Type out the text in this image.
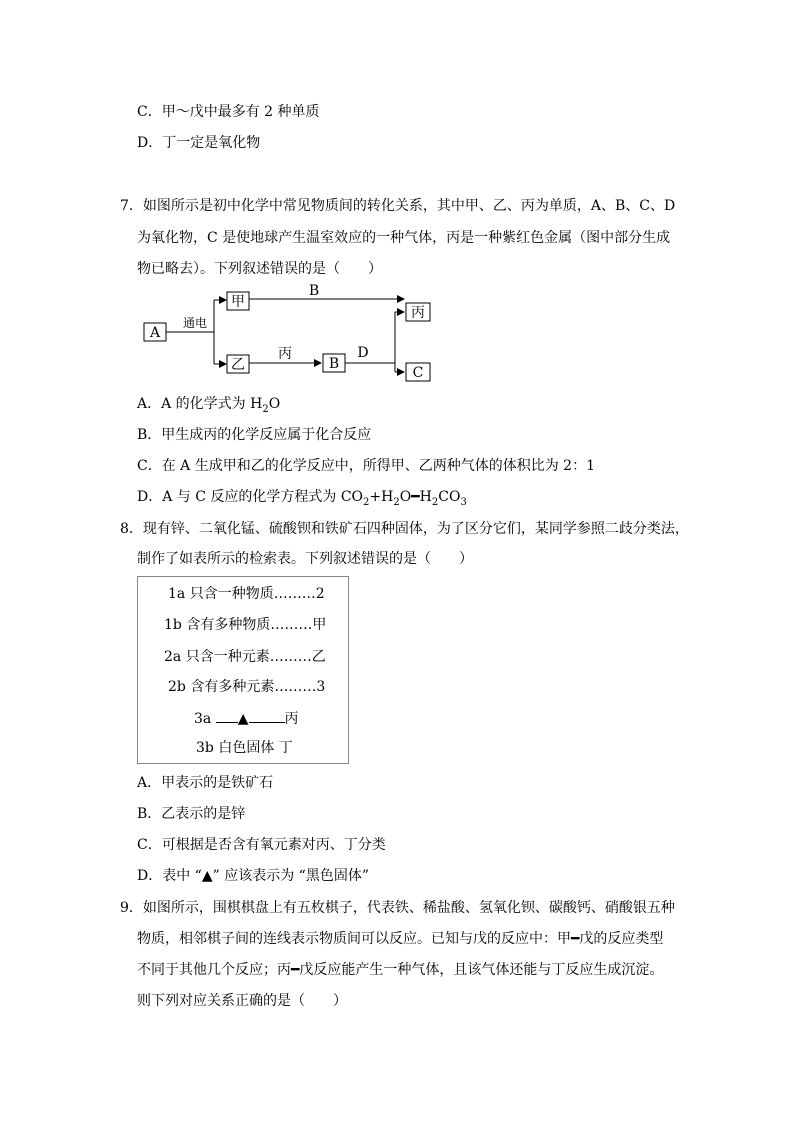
C．甲～戊中最多有 2 种单质
D．丁一定是氧化物
7．如图所示是初中化学中常见物质间的转化关系，其中甲、乙、丙为单质，A、B、C、D
为氧化物，C 是使地球产生温室效应的一种气体，丙是一种紫红色金属（图中部分生成
物已略去）。下列叙述错误的是（　　）
A
甲
乙	B
丙
C
通电
B
丙	D
A．A 的化学式为 $H_2O$
B．甲生成丙的化学反应属于化合反应
C．在 A 生成甲和乙的化学反应中，所得甲、乙两种气体的体积比为 2：1
D．A 与 C 反应的化学方程式为 $CO_2+H_2O━H_2CO_3$
8．现有锌、二氧化锰、硫酸钡和铁矿石四种固体，为了区分它们，某同学参照二歧分类法，
制作了如表所示的检索表。下列叙述错误的是（　　）
1a 只含一种物质………2
1b 含有多种物质………甲
2a 只含一种元素………乙
2b 含有多种元素………3
3a ▲	丙
3b 白色固体 丁
A．甲表示的是铁矿石
B．乙表示的是锌
C．可根据是否含有氧元素对丙、丁分类
D．表中 “▲” 应该表示为 “黑色固体”
9．如图所示，围棋棋盘上有五枚棋子，代表铁、稀盐酸、氢氧化钡、碳酸钙、硝酸银五种
物质，相邻棋子间的连线表示物质间可以反应。已知与戊的反应中：甲━戊的反应类型
不同于其他几个反应；丙━戊反应能产生一种气体，且该气体还能与丁反应生成沉淀。
则下列对应关系正确的是（　　）
